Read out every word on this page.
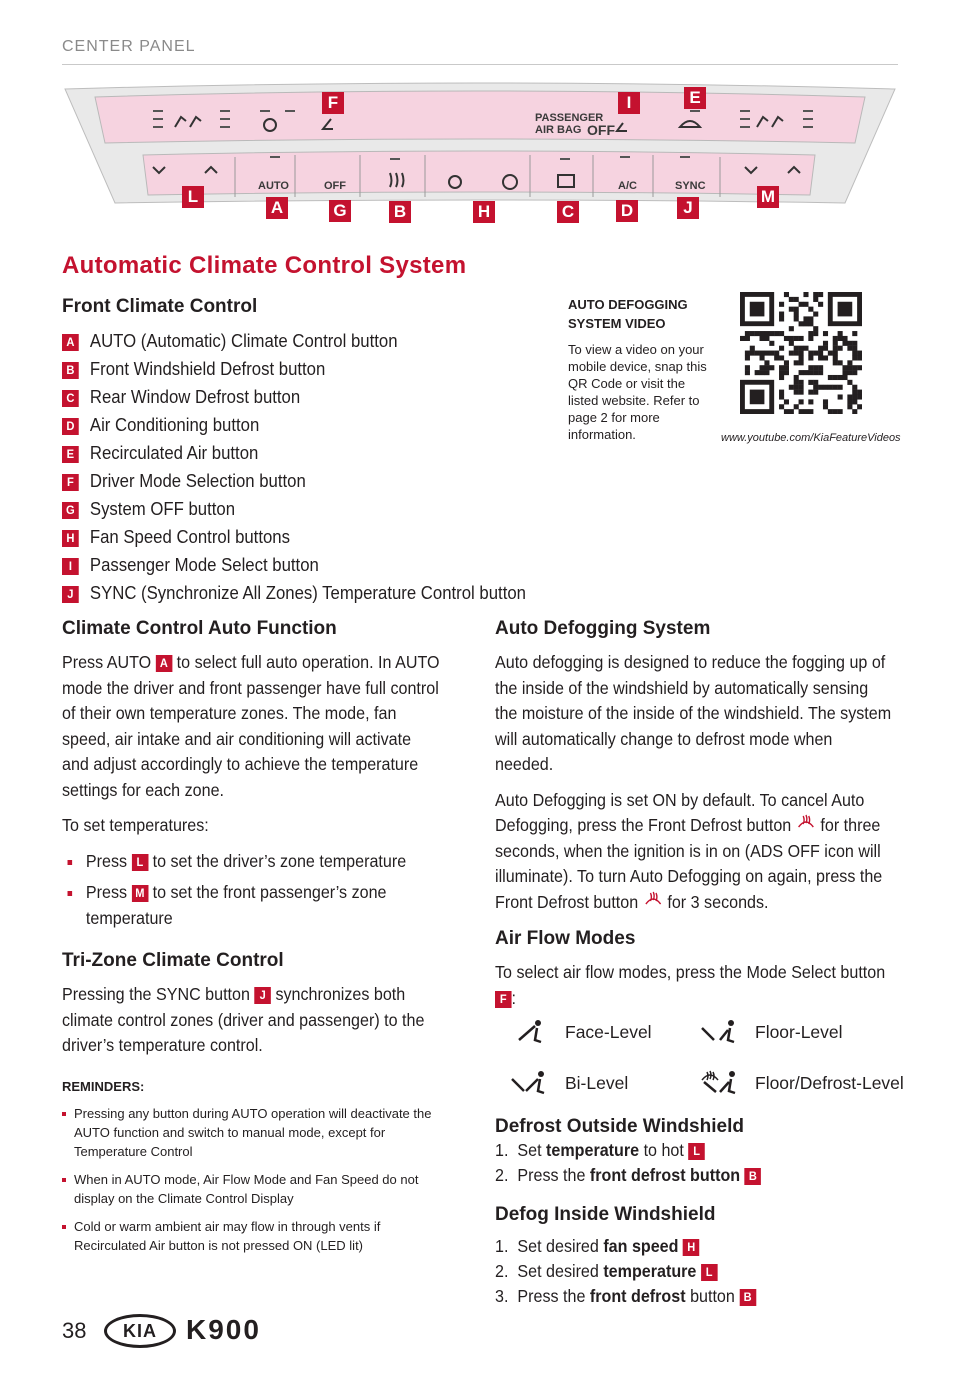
CENTER PANEL
PASSENGER
AIR BAG OFF
AUTO	OFF	A/C	SYNC
F	I	E
L
A	G	B	H	C	D	J
M
Automatic Climate Control System
Front Climate Control
A AUTO (Automatic) Climate Control button
B Front Windshield Defrost button
C Rear Window Defrost button
D Air Conditioning button
E Recirculated Air button
F Driver Mode Selection button
G System OFF button
H Fan Speed Control buttons
I Passenger Mode Select button
J SYNC (Synchronize All Zones) Temperature Control button
AUTO DEFOGGING
SYSTEM VIDEO
To view a video on your mobile device, snap this QR Code or visit the listed website. Refer to page 2 for more information.	www.youtube.com/KiaFeatureVideos
Climate Control Auto Function

Press AUTO A to select full auto operation. In AUTO mode the driver and front passenger have full control of their own temperature zones. The mode, fan speed, air intake and air conditioning will activate and adjust accordingly to achieve the temperature settings for each zone.

To set temperatures:

Press L to set the driver’s zone temperature
Press M to set the front passenger’s zone temperature
Tri-Zone Climate Control

Pressing the SYNC button J synchronizes both climate control zones (driver and passenger) to the driver’s temperature control.

REMINDERS:
Pressing any button during AUTO operation will deactivate the AUTO function and switch to manual mode, except for Temperature Control
When in AUTO mode, Air Flow Mode and Fan Speed do not display on the Climate Control Display
Cold or warm ambient air may flow in through vents if Recirculated Air button is not pressed ON (LED lit)
Auto Defogging System

Auto defogging is designed to reduce the fogging up of the inside of the windshield by automatically sensing the moisture of the inside of the windshield. The system will automatically change to defrost mode when needed.

Auto Defogging is set ON by default. To cancel Auto Defogging, press the Front Defrost button  for three seconds, when the ignition is in on (ADS OFF icon will illuminate). To turn Auto Defogging on again, press the Front Defrost button  for 3 seconds.

Air Flow Modes

To select air flow modes, press the Mode Select button F :

Face-Level	Floor-Level
Bi-Level	Floor/Defrost-Level
Defrost Outside Windshield
1. Set temperature to hot L
2. Press the front defrost button B
Defog Inside Windshield
1. Set desired fan speed H
2. Set desired temperature L
3. Press the front defrost button B
38	KIA	K900
